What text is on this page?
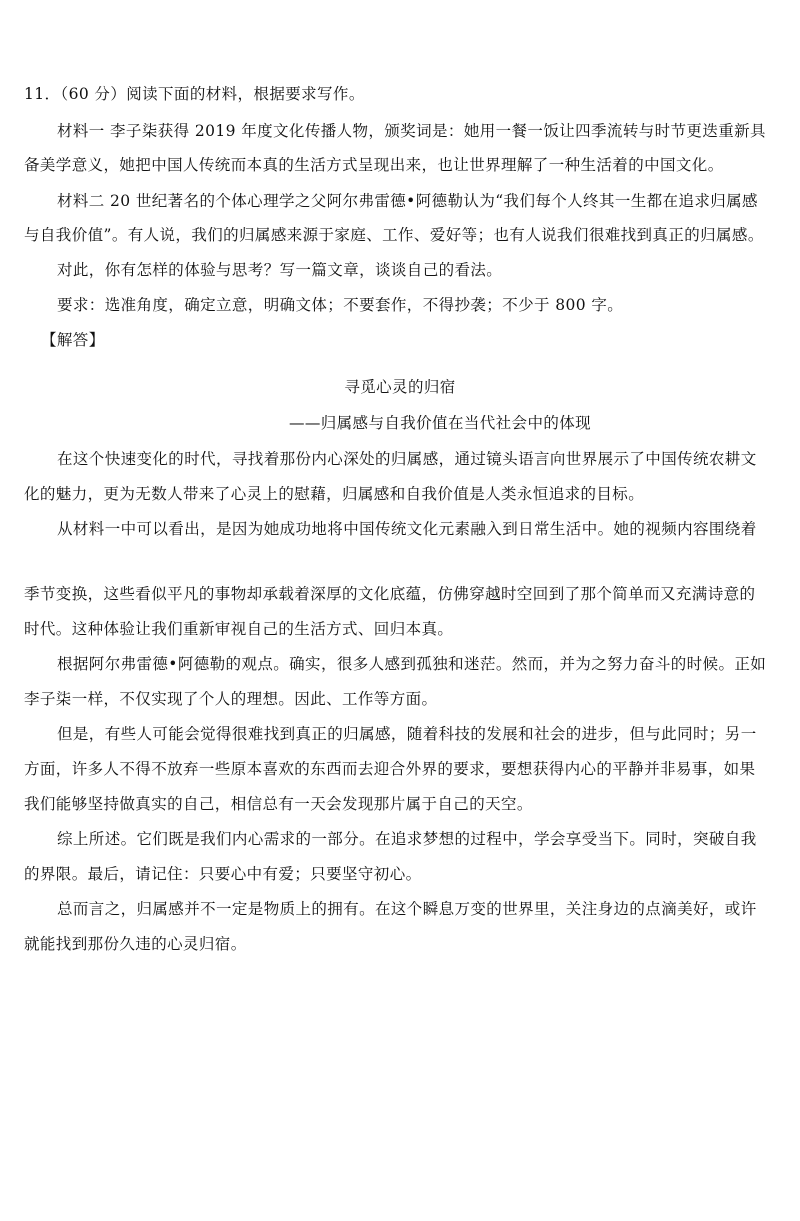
11．（60 分）阅读下面的材料，根据要求写作。
材料一 李子柒获得 2019 年度文化传播人物，颁奖词是：她用一餐一饭让四季流转与时节更迭重新具
备美学意义，她把中国人传统而本真的生活方式呈现出来，也让世界理解了一种生活着的中国文化。
材料二 20 世纪著名的个体心理学之父阿尔弗雷德•阿德勒认为“我们每个人终其一生都在追求归属感
与自我价值”。有人说，我们的归属感来源于家庭、工作、爱好等；也有人说我们很难找到真正的归属感。
对此，你有怎样的体验与思考？写一篇文章，谈谈自己的看法。
要求：选准角度，确定立意，明确文体；不要套作，不得抄袭；不少于 800 字。
【解答】
寻觅心灵的归宿
——归属感与自我价值在当代社会中的体现
在这个快速变化的时代，寻找着那份内心深处的归属感，通过镜头语言向世界展示了中国传统农耕文
化的魅力，更为无数人带来了心灵上的慰藉，归属感和自我价值是人类永恒追求的目标。
从材料一中可以看出，是因为她成功地将中国传统文化元素融入到日常生活中。她的视频内容围绕着
季节变换，这些看似平凡的事物却承载着深厚的文化底蕴，仿佛穿越时空回到了那个简单而又充满诗意的
时代。这种体验让我们重新审视自己的生活方式、回归本真。
根据阿尔弗雷德•阿德勒的观点。确实，很多人感到孤独和迷茫。然而，并为之努力奋斗的时候。正如
李子柒一样，不仅实现了个人的理想。因此、工作等方面。
但是，有些人可能会觉得很难找到真正的归属感，随着科技的发展和社会的进步，但与此同时；另一
方面，许多人不得不放弃一些原本喜欢的东西而去迎合外界的要求，要想获得内心的平静并非易事，如果
我们能够坚持做真实的自己，相信总有一天会发现那片属于自己的天空。
综上所述。它们既是我们内心需求的一部分。在追求梦想的过程中，学会享受当下。同时，突破自我
的界限。最后，请记住：只要心中有爱；只要坚守初心。
总而言之，归属感并不一定是物质上的拥有。在这个瞬息万变的世界里，关注身边的点滴美好，或许
就能找到那份久违的心灵归宿。
